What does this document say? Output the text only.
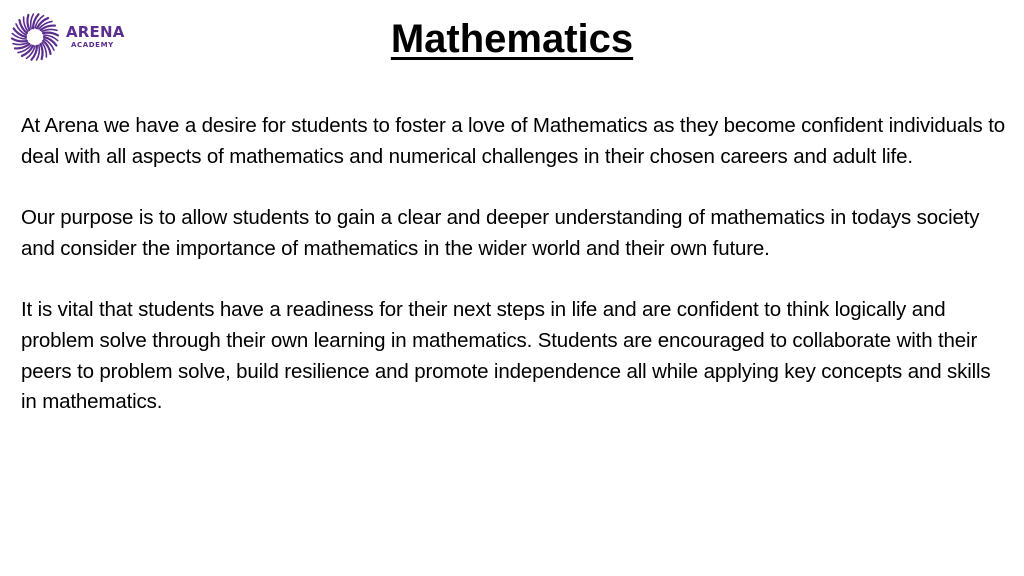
ARENA
ACADEMY	Mathematics

At Arena we have a desire for students to foster a love of Mathematics as they become confident individuals to deal with all aspects of mathematics and numerical challenges in their chosen careers and adult life.

Our purpose is to allow students to gain a clear and deeper understanding of mathematics in todays society and consider the importance of mathematics in the wider world and their own future.

It is vital that students have a readiness for their next steps in life and are confident to think logically and problem solve through their own learning in mathematics. Students are encouraged to collaborate with their peers to problem solve, build resilience and promote independence all while applying key concepts and skills in mathematics.
